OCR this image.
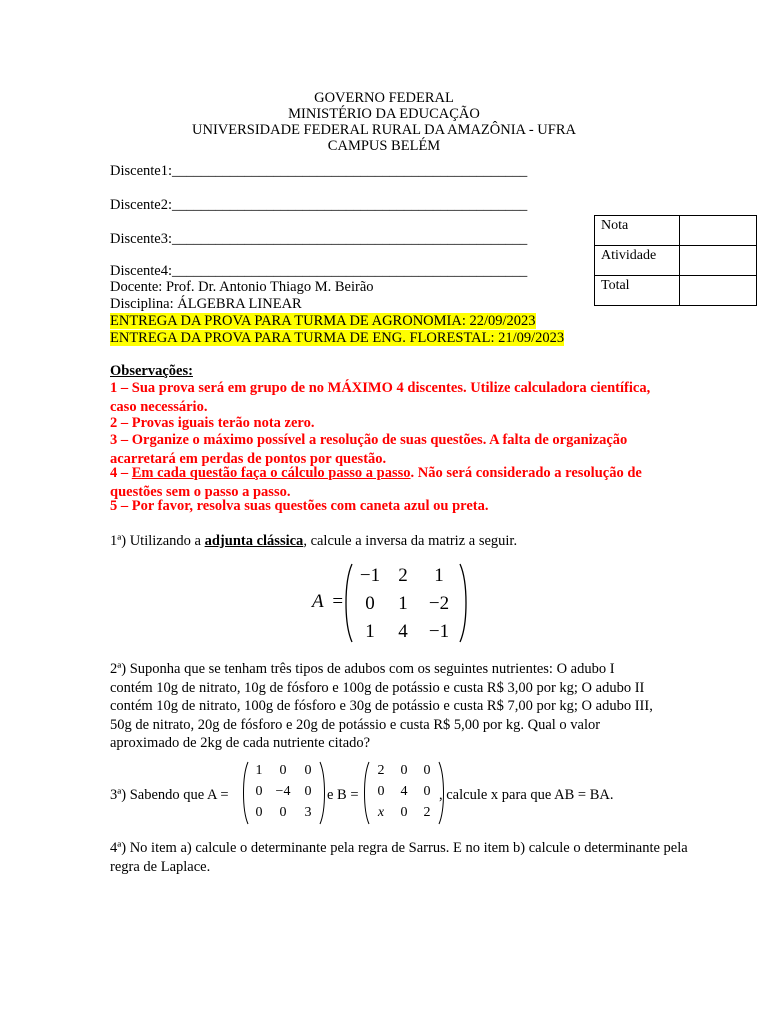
GOVERNO FEDERAL
MINISTÉRIO DA EDUCAÇÃO
UNIVERSIDADE FEDERAL RURAL DA AMAZÔNIA - UFRA
CAMPUS BELÉM
Discente1:_________________________________________________
Discente2:_________________________________________________
Discente3:_________________________________________________
Discente4:_________________________________________________
Docente: Prof. Dr. Antonio Thiago M. Beirão
Disciplina: ÁLGEBRA LINEAR
ENTREGA DA PROVA PARA TURMA DE AGRONOMIA: 22/09/2023
ENTREGA DA PROVA PARA TURMA DE ENG. FLORESTAL: 21/09/2023
Nota	
Atividade	
Total	
Observações:
1 – Sua prova será em grupo de no MÁXIMO 4 discentes. Utilize calculadora científica, caso necessário.
2 – Provas iguais terão nota zero.
3 – Organize o máximo possível a resolução de suas questões. A falta de organização acarretará em perdas de pontos por questão.
4 – Em cada questão faça o cálculo passo a passo. Não será considerado a resolução de questões sem o passo a passo.
5 – Por favor, resolva suas questões com caneta azul ou preta.
1ª) Utilizando a adjunta clássica, calcule a inversa da matriz a seguir.
A =
−1 2	1
0	1	−2
1	4	−1
2ª) Suponha que se tenham três tipos de adubos com os seguintes nutrientes: O adubo I contém 10g de nitrato, 10g de fósforo e 100g de potássio e custa R$ 3,00 por kg; O adubo II contém 10g de nitrato, 100g de fósforo e 30g de potássio e custa R$ 7,00 por kg; O adubo III, 50g de nitrato, 20g de fósforo e 20g de potássio e custa R$ 5,00 por kg. Qual o valor aproximado de 2kg de cada nutriente citado?
3ª) Sabendo que A =
1	0	0
0 −4	0
0	0	3
e B =
2	0	0
0	4	0
x	0	2
, calcule x para que AB = BA.
4ª) No item a) calcule o determinante pela regra de Sarrus. E no item b) calcule o determinante pela regra de Laplace.
